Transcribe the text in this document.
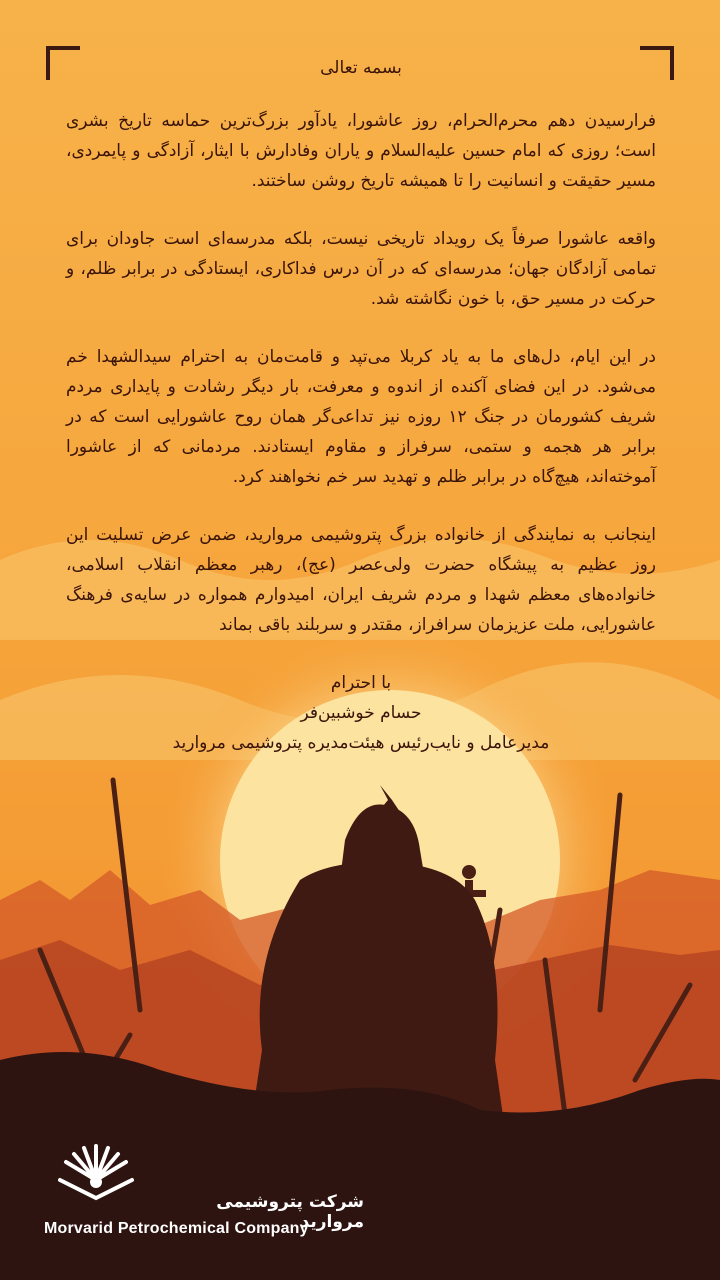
بسمه تعالی

فرارسیدن دهم محرم‌الحرام، روز عاشورا، یادآور بزرگ‌ترین حماسه تاریخ بشری است؛ روزی که امام حسین علیه‌السلام و یاران وفادارش با ایثار، آزادگی و پایمردی، مسیر حقیقت و انسانیت را تا همیشه تاریخ روشن ساختند.

واقعه عاشورا صرفاً یک رویداد تاریخی نیست، بلکه مدرسه‌ای است جاودان برای تمامی آزادگان جهان؛ مدرسه‌ای که در آن درس فداکاری، ایستادگی در برابر ظلم، و حرکت در مسیر حق، با خون نگاشته شد.

در این ایام، دل‌های ما به یاد کربلا می‌تپد و قامت‌مان به احترام سیدالشهدا خم می‌شود. در این فضای آکنده از اندوه و معرفت، بار دیگر رشادت و پایداری مردم شریف کشورمان در جنگ ۱۲ روزه نیز تداعی‌گر همان روح عاشورایی است که در برابر هر هجمه و ستمی، سرفراز و مقاوم ایستادند. مردمانی که از عاشورا آموخته‌اند، هیچ‌گاه در برابر ظلم و تهدید سر خم نخواهند کرد.

اینجانب به نمایندگی از خانواده بزرگ پتروشیمی مروارید، ضمن عرض تسلیت این روز عظیم به پیشگاه حضرت ولی‌عصر (عج)، رهبر معظم انقلاب اسلامی، خانواده‌های معظم شهدا و مردم شریف ایران، امیدوارم همواره در سایه‌ی فرهنگ عاشورایی، ملت عزیزمان سرافراز، مقتدر و سربلند باقی بماند

با احترام
حسام خوشبین‌فر
مدیرعامل و نایب‌رئیس هیئت‌مدیره پتروشیمی مروارید
شرکت پتروشیمی مروارید
Morvarid Petrochemical Company
